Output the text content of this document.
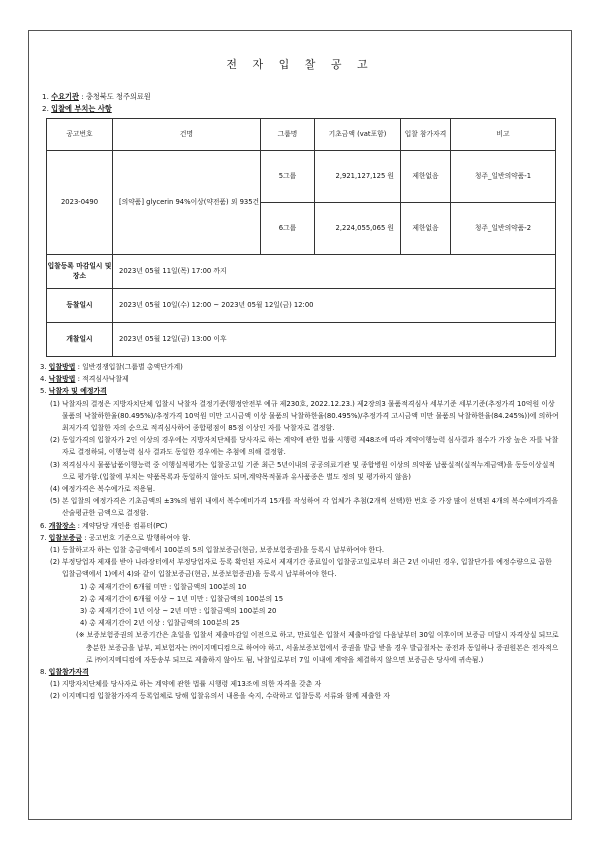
전 자 입 찰 공 고
1. 수요기관 : 충청북도 청주의료원
2. 입찰에 부치는 사항
공고번호	건명	그룹명	기초금액 (vat포함)	입찰 참가자격	비고
2023-0490	[의약품] glycerin 94%이상(약전품) 외 935건	5그룹	2,921,127,125 원	제한없음	청주_일반의약품-1
		6그룹	2,224,055,065 원	제한없음	청주_일반의약품-2
입찰등록 마감일시 및 장소	2023년 05월 11일(목) 17:00 까지				
등찰일시	2023년 05월 10일(수) 12:00 ~ 2023년 05월 12일(금) 12:00				
개찰일시	2023년 05월 12일(금) 13:00 이후				
3. 입찰방법 : 일반경쟁입찰(그룹별 총액단가계)
4. 낙찰방법 : 적격심사낙찰제
5. 낙찰자 및 예정가격
(1) 낙찰자의 결정은 지방자치단체 입찰시 낙찰자 결정기준(행정안전부 예규 제230호, 2022.12.23.) 제2장의3 물품적격심사 세부기준 세부기준(추정가격 10억원 이상 물품의 낙찰하한율(80.495%)/추정가격 10억원 미만 고시금액 이상 물품의 낙찰하한율(80.495%)/추정가격 고시금액 미만 물품의 낙찰하한율(84.245%))에 의하여 최저가격 입찰한 자의 순으로 적격심사하여 종합평점이 85점 이상인 자를 낙찰자로 결정함.
(2) 동일가격의 입찰자가 2인 이상의 경우에는 지방자치단체를 당사자로 하는 계약에 관한 법률 시행령 제48조에 따라 계약이행능력 심사결과 점수가 가장 높은 자를 낙찰자로 결정하되, 이행능력 심사 결과도 동일한 경우에는 추첨에 의해 결정함.
(3) 적격심사시 물품납품이행능력 중 이행실적평가는 입찰공고일 기준 최근 5년이내의 공공의료기관 및 종합병원 이상의 의약품 납품실적(실적누계금액)을 동등이상실적으로 평가함.(입찰에 부치는 약품목록과 동일하지 않아도 되며,계약목적물과 유사품종은 별도 정의 및 평가하지 않음)
(4) 예정가격은 복수예가로 적용됨.
(5) 본 입찰의 예정가격은 기초금액의 ±3%의 범위 내에서 복수예비가격 15개를 작성하여 각 업체가 추첨(2개씩 선택)한 번호 중 가장 많이 선택된 4개의 복수예비가격을 산술평균한 금액으로 결정함.
6. 개찰장소 : 계약담당 개인용 컴퓨터(PC)
7. 입찰보증금 : 공고번호 기준으로 발행하여야 함.
(1) 등찰하고자 하는 입찰 총금액에서 100분의 5의 입찰보증금(현금, 보증보험증권)을 등록시 납부하여야 한다.
(2) 부정당업자 제재를 받아 나라장터에서 부정당업자로 등록 확인된 자로서 제재기간 종료일이 입찰공고일로부터 최근 2년 이내인 경우, 입찰단가를 예정수량으로 곱한 입찰금액에서 1)에서 4)와 같이 입찰보증금(현금, 보증보험증권)을 등록시 납부하여야 한다.
1) 총 제재기간이 6개월 미만 : 입찰금액의 100분의 10
2) 총 제재기간이 6개월 이상 ~ 1년 미만 : 입찰금액의 100분의 15
3) 총 제재기간이 1년 이상 ~ 2년 미만 : 입찰금액의 100분의 20
4) 총 제재기간이 2년 이상 : 입찰금액의 100분의 25
(※ 보증보험증권의 보증기간은 초일을 입찰서 제출마감일 이전으로 하고, 만료일은 입찰서 제출마감일 다음날부터 30일 이후이며 보증금 미달시 자격상실 되므로 충분한 보증금을 납부, 피보험자는 ㈜이지메디컴으로 하여야 하고, 서울보증보험에서 증권을 발급 받을 경우 발급절차는 종전과 동일하나 증권원본은 전자적으로 ㈜이지메디컴에 자동송부 되므로 제출하지 않아도 됨, 낙찰일로부터 7일 이내에 계약을 체결하지 않으면 보증금은 당사에 귀속됨.)
8. 입찰참가자격
(1) 지방자치단체를 당사자로 하는 계약에 관한 법률 시행령 제13조에 의한 자격을 갖춘 자
(2) 이지메디컴 입찰참가자격 등록업체로 당해 입찰유의서 내용을 숙지, 수락하고 입찰등록 서류와 함께 제출한 자
